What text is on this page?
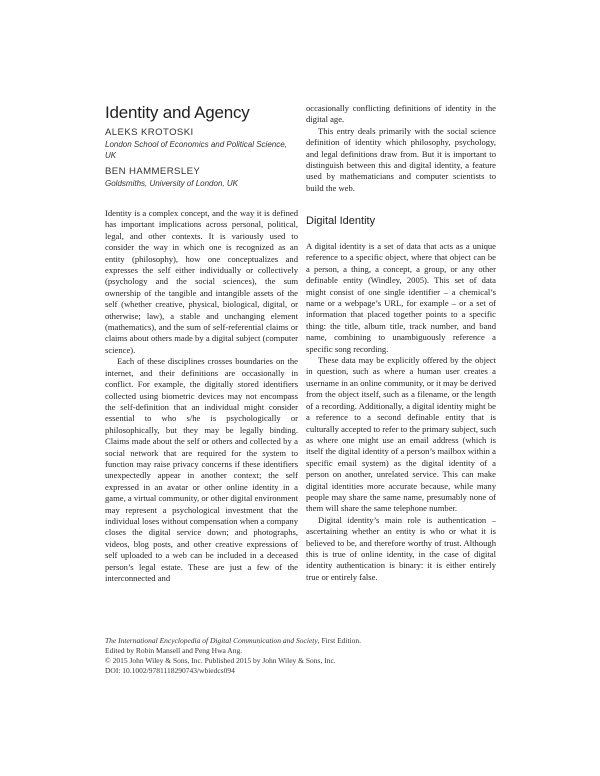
Identity and Agency
ALEKS KROTOSKI
London School of Economics and Political Science, UK
BEN HAMMERSLEY
Goldsmiths, University of London, UK

Identity is a complex concept, and the way it is defined has important implications across personal, political, legal, and other contexts. It is variously used to consider the way in which one is recognized as an entity (philosophy), how one conceptualizes and expresses the self either individually or collectively (psychology and the social sciences), the sum ownership of the tangible and intangible assets of the self (whether creative, physical, biological, digital, or otherwise; law), a stable and unchanging element (mathematics), and the sum of self-referential claims or claims about others made by a digital subject (computer science).

Each of these disciplines crosses boundaries on the internet, and their definitions are occasionally in conflict. For example, the digitally stored identifiers collected using biometric devices may not encompass the self-definition that an individual might consider essential to who s/he is psychologically or philosophically, but they may be legally binding. Claims made about the self or others and collected by a social network that are required for the system to function may raise privacy concerns if these identifiers unexpectedly appear in another context; the self expressed in an avatar or other online identity in a game, a virtual community, or other digital environment may represent a psychological investment that the individual loses without compensation when a company closes the digital service down; and photographs, videos, blog posts, and other creative expressions of self uploaded to a web can be included in a deceased person’s legal estate. These are just a few of the interconnected and

occasionally conflicting definitions of identity in the digital age.

This entry deals primarily with the social science definition of identity which philosophy, psychology, and legal definitions draw from. But it is important to distinguish between this and digital identity, a feature used by mathematicians and computer scientists to build the web.

Digital Identity

A digital identity is a set of data that acts as a unique reference to a specific object, where that object can be a person, a thing, a concept, a group, or any other definable entity (Windley, 2005). This set of data might consist of one single identifier – a chemical’s name or a webpage’s URL, for example – or a set of information that placed together points to a specific thing: the title, album title, track number, and band name, combining to unambiguously reference a specific song recording.

These data may be explicitly offered by the object in question, such as where a human user creates a username in an online community, or it may be derived from the object itself, such as a filename, or the length of a recording. Additionally, a digital identity might be a reference to a second definable entity that is culturally accepted to refer to the primary subject, such as where one might use an email address (which is itself the digital identity of a person’s mailbox within a specific email system) as the digital identity of a person on another, unrelated service. This can make digital identities more accurate because, while many people may share the same name, presumably none of them will share the same telephone number.

Digital identity’s main role is authentication – ascertaining whether an entity is who or what it is believed to be, and therefore worthy of trust. Although this is true of online identity, in the case of digital identity authentication is binary: it is either entirely true or entirely false.

The International Encyclopedia of Digital Communication and Society, First Edition.
Edited by Robin Mansell and Peng Hwa Ang.
© 2015 John Wiley & Sons, Inc. Published 2015 by John Wiley & Sons, Inc.
DOI: 10.1002/9781118290743/wbiedcs094
